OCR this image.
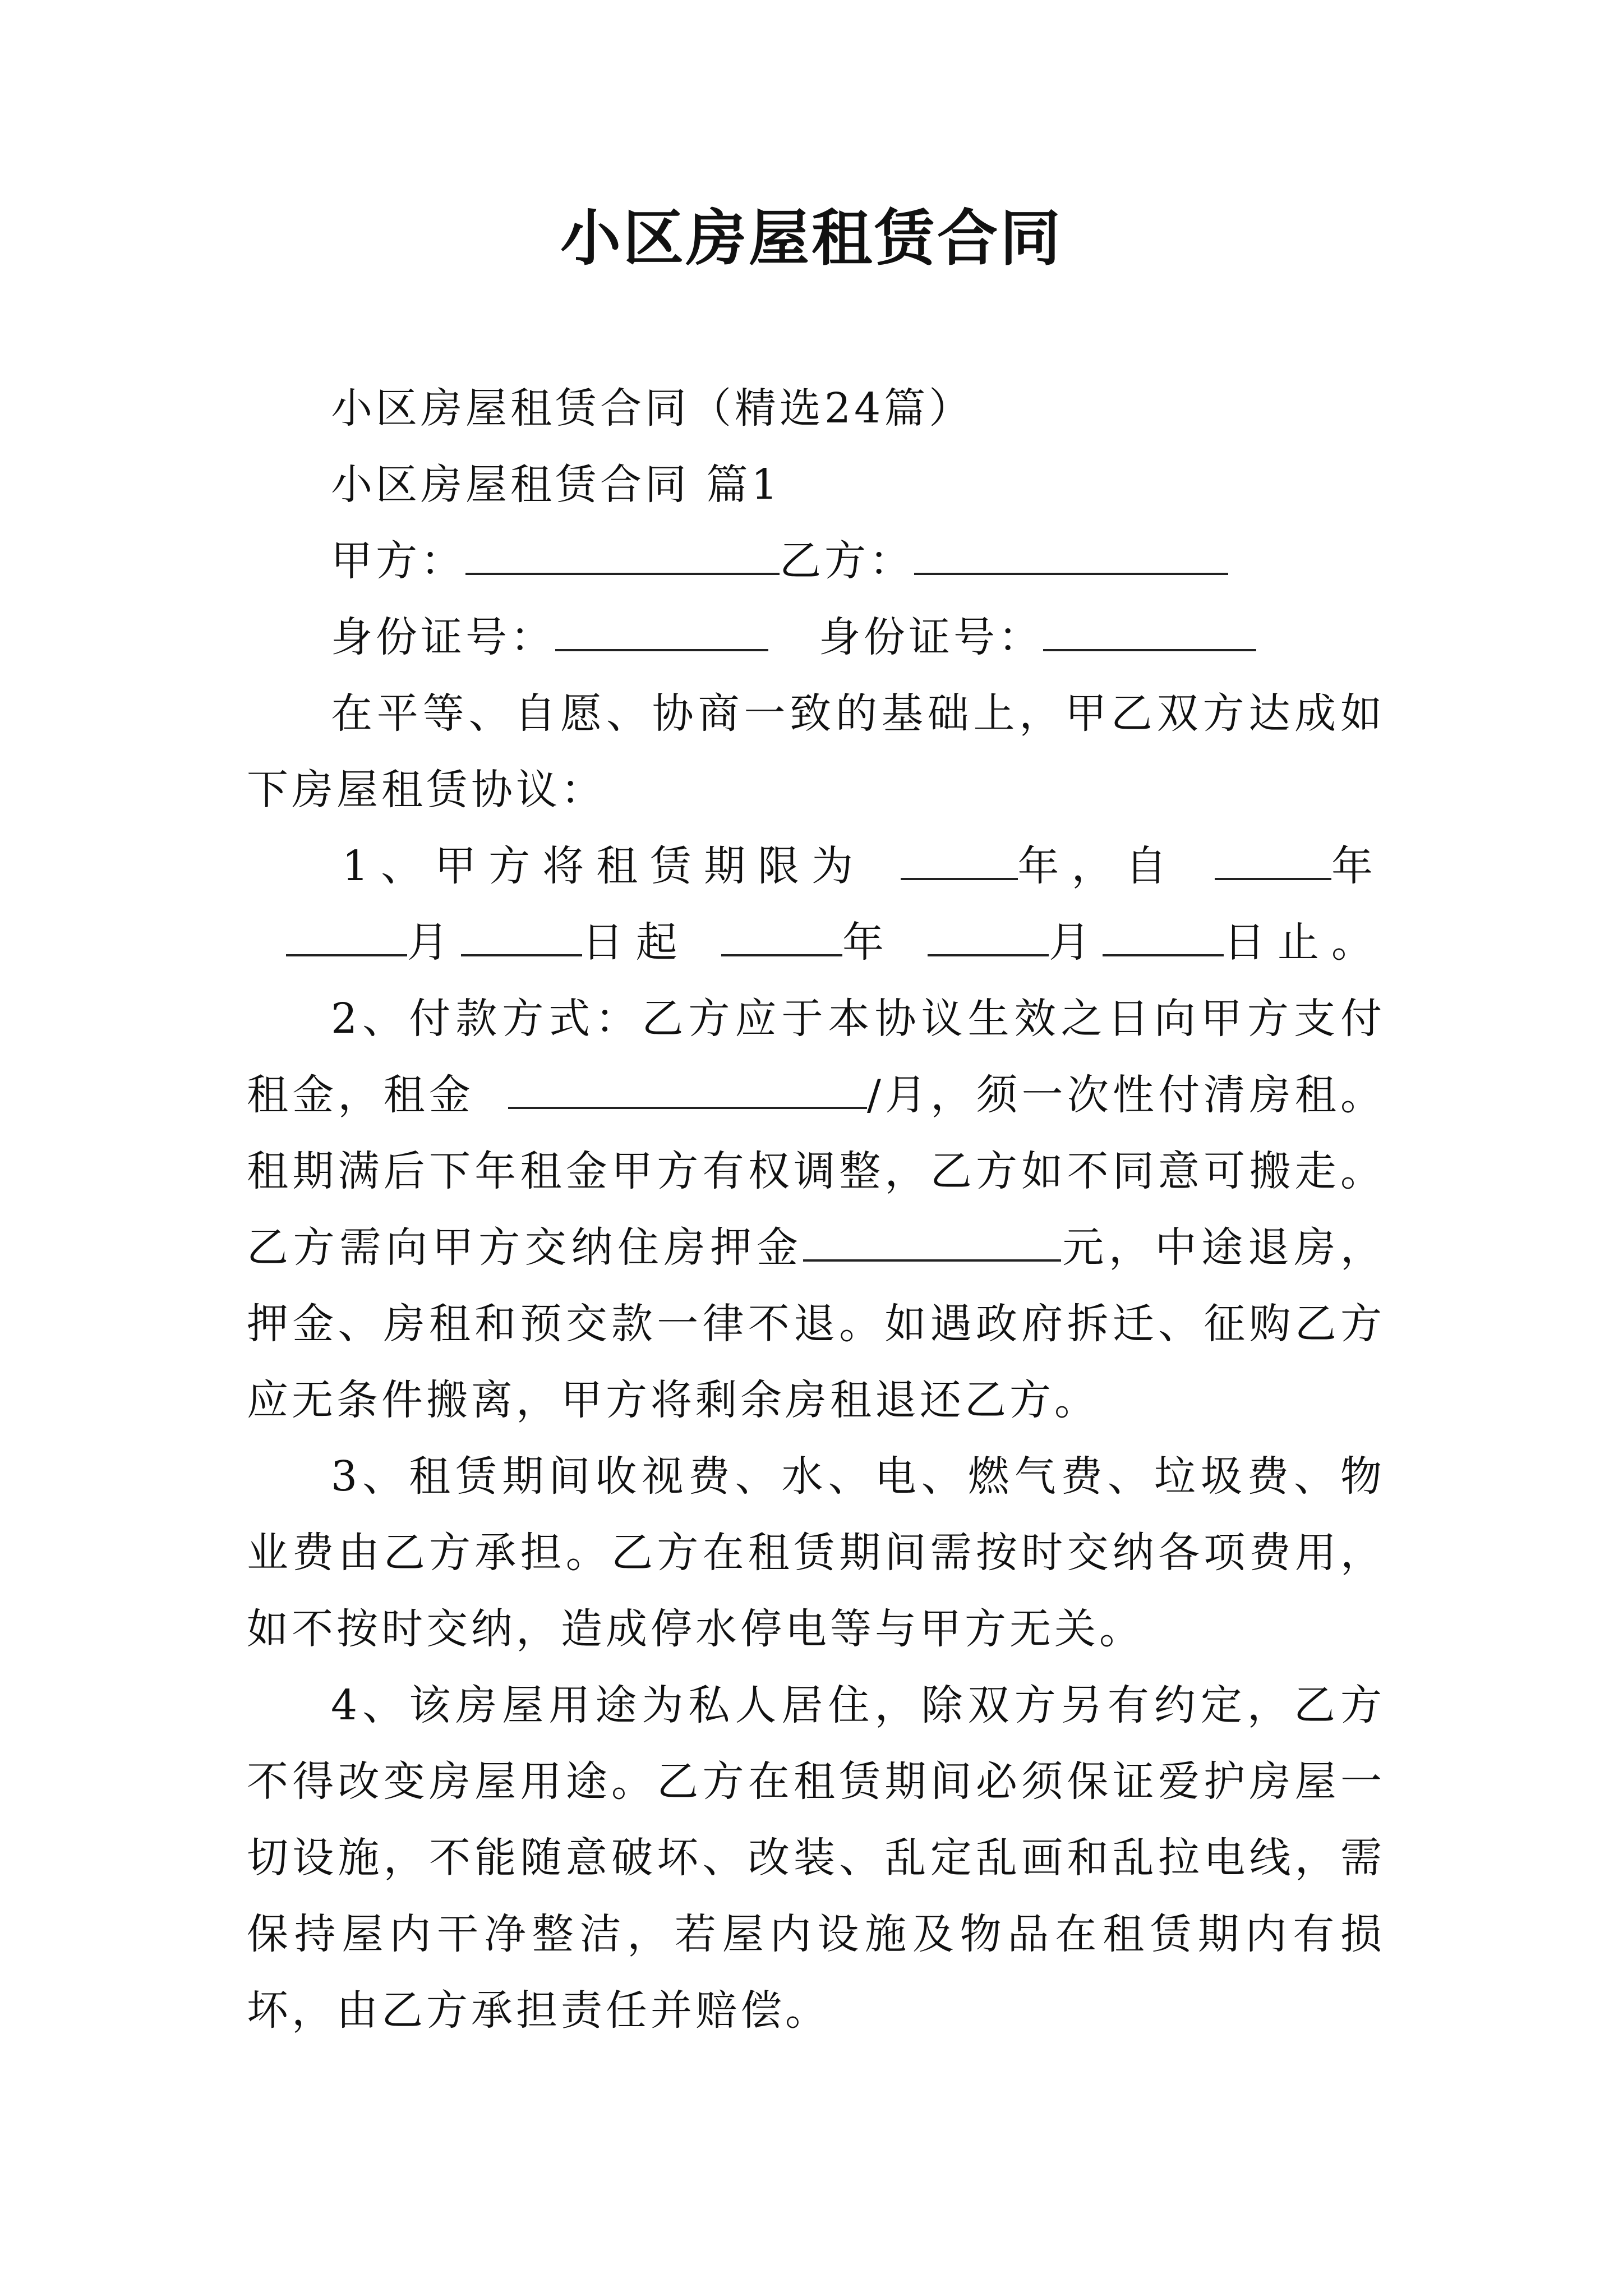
小区房屋租赁合同
小区房屋租赁合同（精选24篇）
小区房屋租赁合同 篇1
甲方：	乙方：
身份证号：	身份证号：

在平等、自愿、协商一致的基础上，甲乙双方达成如下房屋租赁协议：

1、甲方将租赁期限为	年，自	年
月	日起	年	月	日止。

2、付款方式：乙方应于本协议生效之日向甲方支付租金，租金	/月，须一次性付清房租。租期满后下年租金甲方有权调整，乙方如不同意可搬走。乙方需向甲方交纳住房押金	元，中途退房，押金、房租和预交款一律不退。如遇政府拆迁、征购乙方应无条件搬离，甲方将剩余房租退还乙方。

3、租赁期间收视费、水、电、燃气费、垃圾费、物业费由乙方承担。乙方在租赁期间需按时交纳各项费用，如不按时交纳，造成停水停电等与甲方无关。

4、该房屋用途为私人居住，除双方另有约定，乙方不得改变房屋用途。乙方在租赁期间必须保证爱护房屋一切设施，不能随意破坏、改装、乱定乱画和乱拉电线，需保持屋内干净整洁，若屋内设施及物品在租赁期内有损坏，由乙方承担责任并赔偿。
